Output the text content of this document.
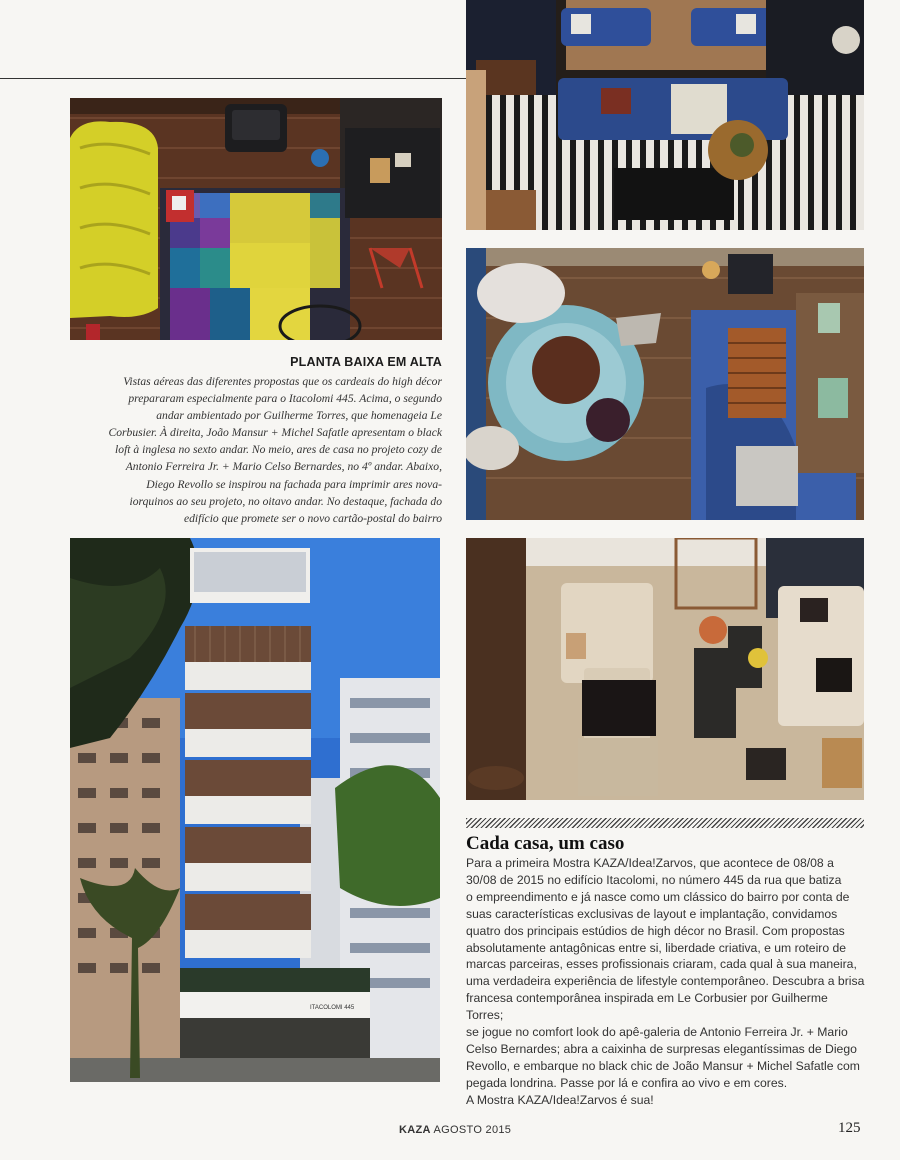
ITACOLOMI 445
PLANTA BAIXA EM ALTA
Vistas aéreas das diferentes propostas que os cardeais do high décor
prepararam especialmente para o Itacolomi 445. Acima, o segundo
andar ambientado por Guilherme Torres, que homenageia Le
Corbusier. À direita, João Mansur + Michel Safatle apresentam o black
loft à inglesa no sexto andar. No meio, ares de casa no projeto cozy de
Antonio Ferreira Jr. + Mario Celso Bernardes, no 4º andar. Abaixo,
Diego Revollo se inspirou na fachada para imprimir ares nova-
iorquinos ao seu projeto, no oitavo andar. No destaque, fachada do
edifício que promete ser o novo cartão-postal do bairro
Cada casa, um caso
Para a primeira Mostra KAZA/Idea!Zarvos, que acontece de 08/08 a
30/08 de 2015 no edifício Itacolomi, no número 445 da rua que batiza
o empreendimento e já nasce como um clássico do bairro por conta de
suas características exclusivas de layout e implantação, convidamos
quatro dos principais estúdios de high décor no Brasil. Com propostas
absolutamente antagônicas entre si, liberdade criativa, e um roteiro de
marcas parceiras, esses profissionais criaram, cada qual à sua maneira,
uma verdadeira experiência de lifestyle contemporâneo. Descubra a brisa
francesa contemporânea inspirada em Le Corbusier por Guilherme Torres;
se jogue no comfort look do apê-galeria de Antonio Ferreira Jr. + Mario
Celso Bernardes; abra a caixinha de surpresas elegantíssimas de Diego
Revollo, e embarque no black chic de João Mansur + Michel Safatle com
pegada londrina. Passe por lá e confira ao vivo e em cores.
A Mostra KAZA/Idea!Zarvos é sua!
KAZA AGOSTO 2015	125
